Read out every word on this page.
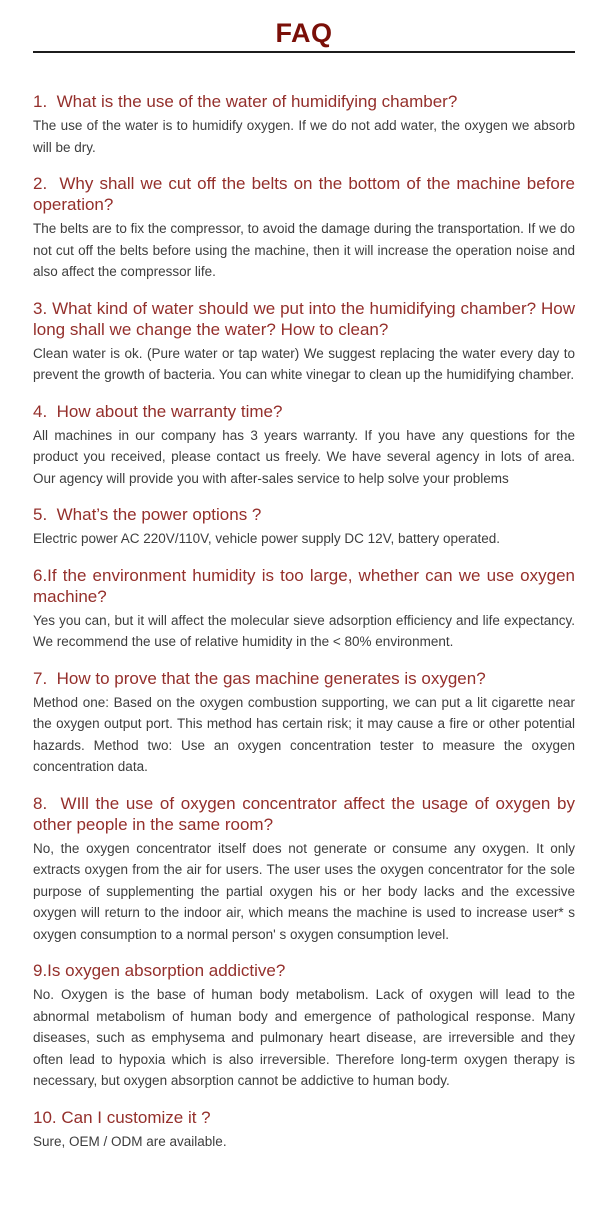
FAQ
1.  What is the use of the water of humidifying chamber?

The use of the water is to humidify oxygen. If we do not add water, the oxygen we absorb will be dry.

2.  Why shall we cut off the belts on the bottom of the machine before operation?

The belts are to fix the compressor, to avoid the damage during the transportation. If we do not cut off the belts before using the machine, then it will increase the operation noise and also affect the compressor life.

3. What kind of water should we put into the humidifying chamber? How long shall we change the water? How to clean?

Clean water is ok. (Pure water or tap water) We suggest replacing the water every day to prevent the growth of bacteria. You can white vinegar to clean up the humidifying chamber.

4.  How about the warranty time?

All machines in our company has 3 years warranty. If you have any questions for the product you received, please contact us freely. We have several agency in lots of area. Our agency will provide you with after-sales service to help solve your problems

5.  What’s the power options ?

Electric power AC 220V/110V, vehicle power supply DC 12V, battery operated.

6.If the environment humidity is too large, whether can we use oxygen machine?

Yes you can, but it will affect the molecular sieve adsorption efficiency and life expectancy. We recommend the use of relative humidity in the < 80% environment.

7.  How to prove that the gas machine generates is oxygen?

Method one: Based on the oxygen combustion supporting, we can put a lit cigarette near the oxygen output port. This method has certain risk; it may cause a fire or other potential hazards. Method two: Use an oxygen concentration tester to measure the oxygen concentration data.

8.  WIll the use of oxygen concentrator affect the usage of oxygen by other people in the same room?

No, the oxygen concentrator itself does not generate or consume any oxygen. It only extracts oxygen from the air for users. The user uses the oxygen concentrator for the sole purpose of supplementing the partial oxygen his or her body lacks and the excessive oxygen will return to the indoor air, which means the machine is used to increase user* s oxygen consumption to a normal person' s oxygen consumption level.

9.Is oxygen absorption addictive?

No. Oxygen is the base of human body metabolism. Lack of oxygen will lead to the abnormal metabolism of human body and emergence of pathological response. Many diseases, such as emphysema and pulmonary heart disease, are irreversible and they often lead to hypoxia which is also irreversible. Therefore long-term oxygen therapy is necessary, but oxygen absorption cannot be addictive to human body.

10. Can I customize it ?

Sure, OEM / ODM are available.
